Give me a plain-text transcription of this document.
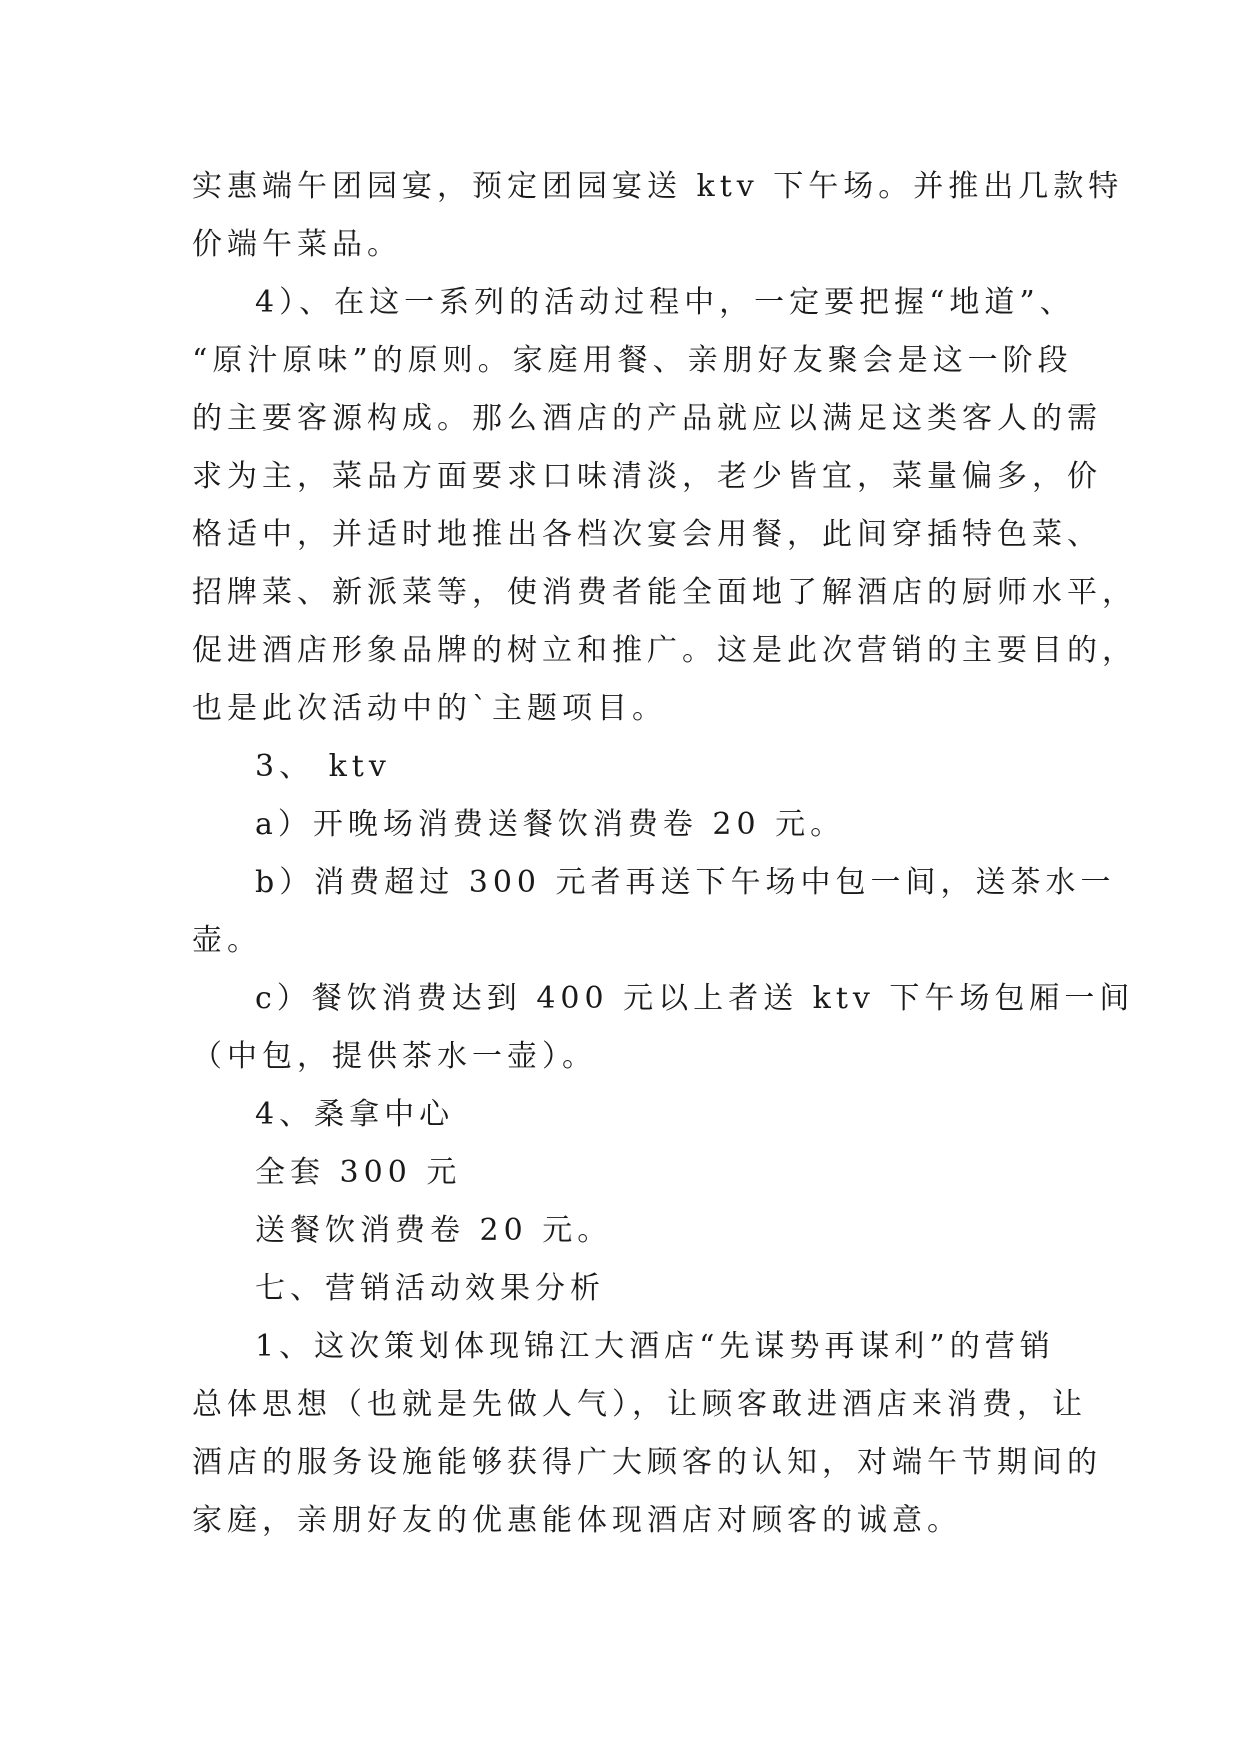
实惠端午团园宴，预定团园宴送 ktv 下午场。并推出几款特
价端午菜品。
4）、在这一系列的活动过程中，一定要把握“地道”、
“原汁原味”的原则。家庭用餐、亲朋好友聚会是这一阶段
的主要客源构成。那么酒店的产品就应以满足这类客人的需
求为主，菜品方面要求口味清淡，老少皆宜，菜量偏多，价
格适中，并适时地推出各档次宴会用餐，此间穿插特色菜、
招牌菜、新派菜等，使消费者能全面地了解酒店的厨师水平，
促进酒店形象品牌的树立和推广。这是此次营销的主要目的，
也是此次活动中的`主题项目。
3、 ktv
a）开晚场消费送餐饮消费卷 20 元。
b）消费超过 300 元者再送下午场中包一间，送茶水一
壶。
c）餐饮消费达到 400 元以上者送 ktv 下午场包厢一间
（中包，提供茶水一壶）。
4、桑拿中心
全套 300 元
送餐饮消费卷 20 元。
七、营销活动效果分析
1、这次策划体现锦江大酒店“先谋势再谋利”的营销
总体思想（也就是先做人气），让顾客敢进酒店来消费，让
酒店的服务设施能够获得广大顾客的认知，对端午节期间的
家庭，亲朋好友的优惠能体现酒店对顾客的诚意。
